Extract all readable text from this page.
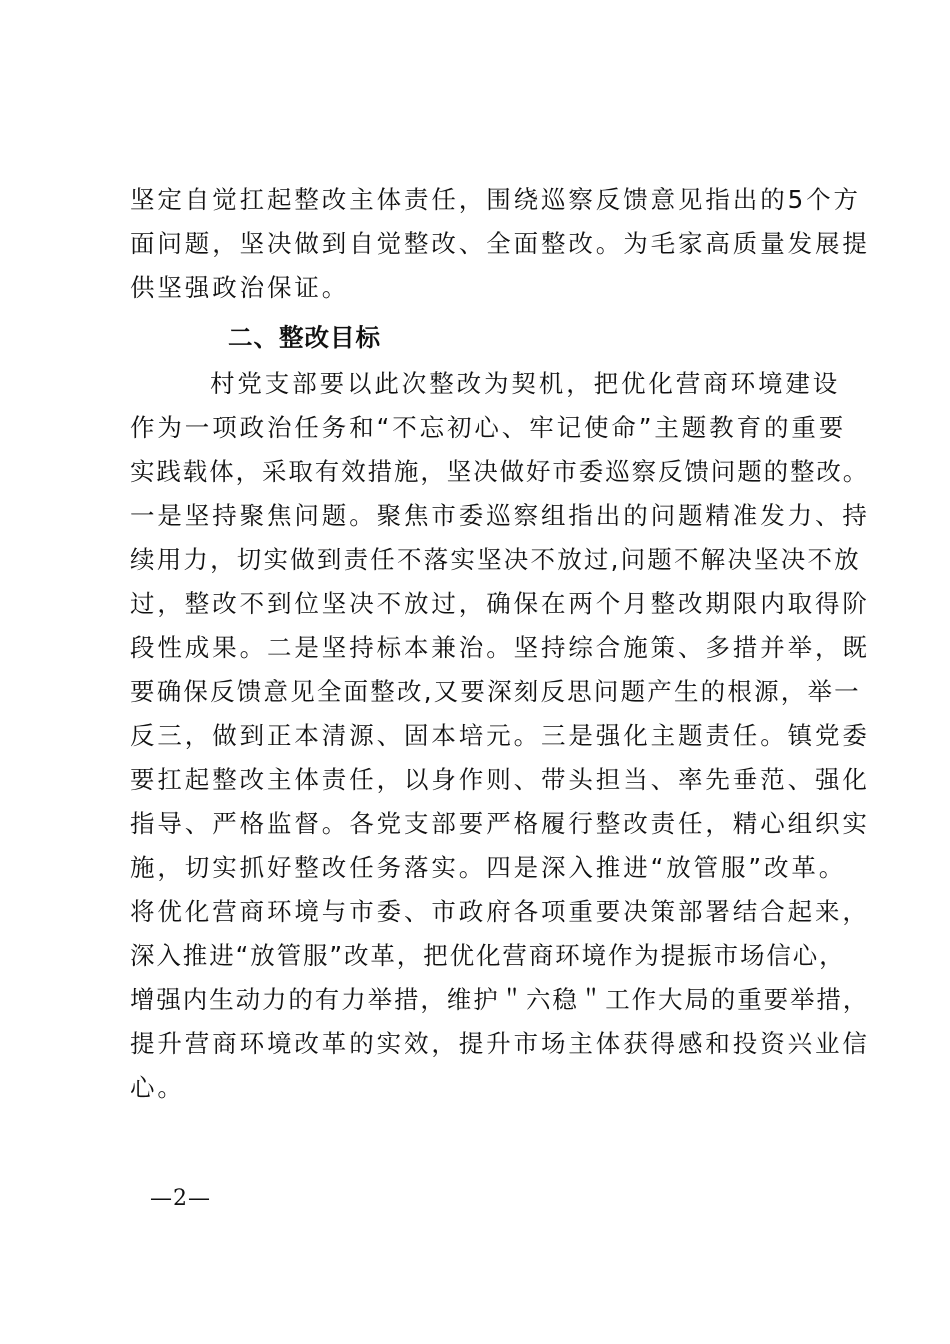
坚定自觉扛起整改主体责任，围绕巡察反馈意见指出的5个方
面问题，坚决做到自觉整改、全面整改。为毛家高质量发展提
供坚强政治保证。
二、整改目标
村党支部要以此次整改为契机，把优化营商环境建设
作为一项政治任务和“不忘初心、牢记使命”主题教育的重要
实践载体，采取有效措施，坚决做好市委巡察反馈问题的整改。
一是坚持聚焦问题。聚焦市委巡察组指出的问题精准发力、持
续用力，切实做到责任不落实坚决不放过,问题不解决坚决不放
过，整改不到位坚决不放过，确保在两个月整改期限内取得阶
段性成果。二是坚持标本兼治。坚持综合施策、多措并举，既
要确保反馈意见全面整改,又要深刻反思问题产生的根源，举一
反三，做到正本清源、固本培元。三是强化主题责任。镇党委
要扛起整改主体责任，以身作则、带头担当、率先垂范、强化
指导、严格监督。各党支部要严格履行整改责任，精心组织实
施，切实抓好整改任务落实。四是深入推进“放管服”改革。
将优化营商环境与市委、市政府各项重要决策部署结合起来，
深入推进“放管服”改革，把优化营商环境作为提振市场信心，
增强内生动力的有力举措，维护＂六稳＂工作大局的重要举措，
提升营商环境改革的实效，提升市场主体获得感和投资兴业信
心。
—2—
